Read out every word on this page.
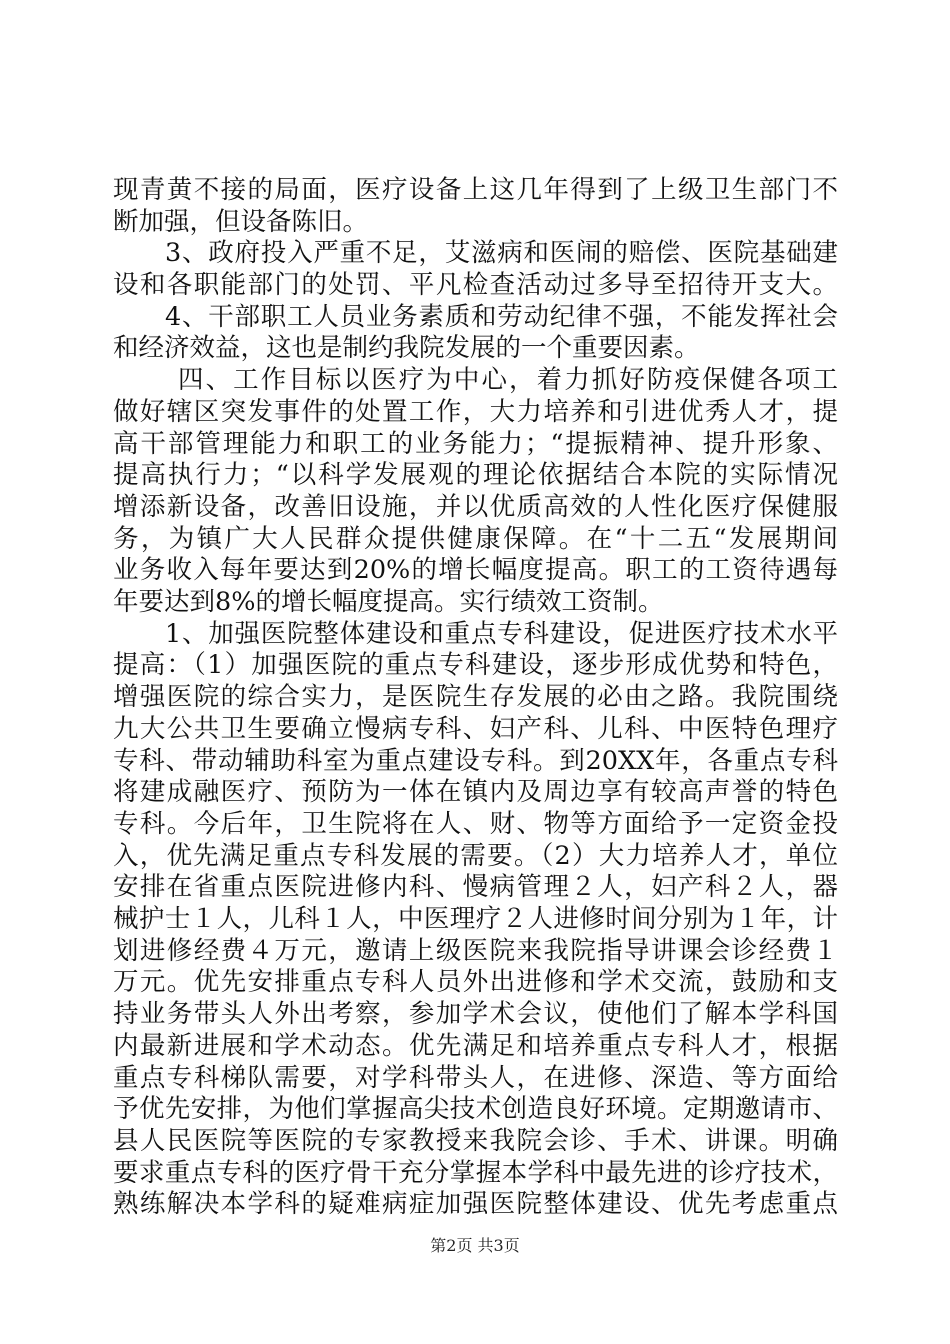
现青黄不接的局面，医疗设备上这几年得到了上级卫生部门不
断加强，但设备陈旧。
3、政府投入严重不足，艾滋病和医闹的赔偿、医院基础建
设和各职能部门的处罚、平凡检查活动过多导至招待开支大。
4、干部职工人员业务素质和劳动纪律不强，不能发挥社会
和经济效益，这也是制约我院发展的一个重要因素。
四、工作目标以医疗为中心，着力抓好防疫保健各项工
做好辖区突发事件的处置工作，大力培养和引进优秀人才，提
高干部管理能力和职工的业务能力；“提振精神、提升形象、
提高执行力；“以科学发展观的理论依据结合本院的实际情况
增添新设备，改善旧设施，并以优质高效的人性化医疗保健服
务，为镇广大人民群众提供健康保障。在“十二五“发展期间
业务收入每年要达到20%的增长幅度提高。职工的工资待遇每
年要达到8%的增长幅度提高。实行绩效工资制。
1、加强医院整体建设和重点专科建设，促进医疗技术水平
提高：（1）加强医院的重点专科建设，逐步形成优势和特色，
增强医院的综合实力，是医院生存发展的必由之路。我院围绕
九大公共卫生要确立慢病专科、妇产科、儿科、中医特色理疗
专科、带动辅助科室为重点建设专科。到20XX年，各重点专科
将建成融医疗、预防为一体在镇内及周边享有较高声誉的特色
专科。今后年，卫生院将在人、财、物等方面给予一定资金投
入，优先满足重点专科发展的需要。（2）大力培养人才，单位
安排在省重点医院进修内科、慢病管理２人，妇产科２人，器
械护士１人，儿科１人，中医理疗２人进修时间分别为１年，计
划进修经费４万元，邀请上级医院来我院指导讲课会诊经费１
万元。优先安排重点专科人员外出进修和学术交流，鼓励和支
持业务带头人外出考察，参加学术会议，使他们了解本学科国
内最新进展和学术动态。优先满足和培养重点专科人才，根据
重点专科梯队需要，对学科带头人，在进修、深造、等方面给
予优先安排，为他们掌握高尖技术创造良好环境。定期邀请市、
第2页 共3页
县人民医院等医院的专家教授来我院会诊、手术、讲课。明确
要求重点专科的医疗骨干充分掌握本学科中最先进的诊疗技术，
熟练解决本学科的疑难病症加强医院整体建设、优先考虑重点
